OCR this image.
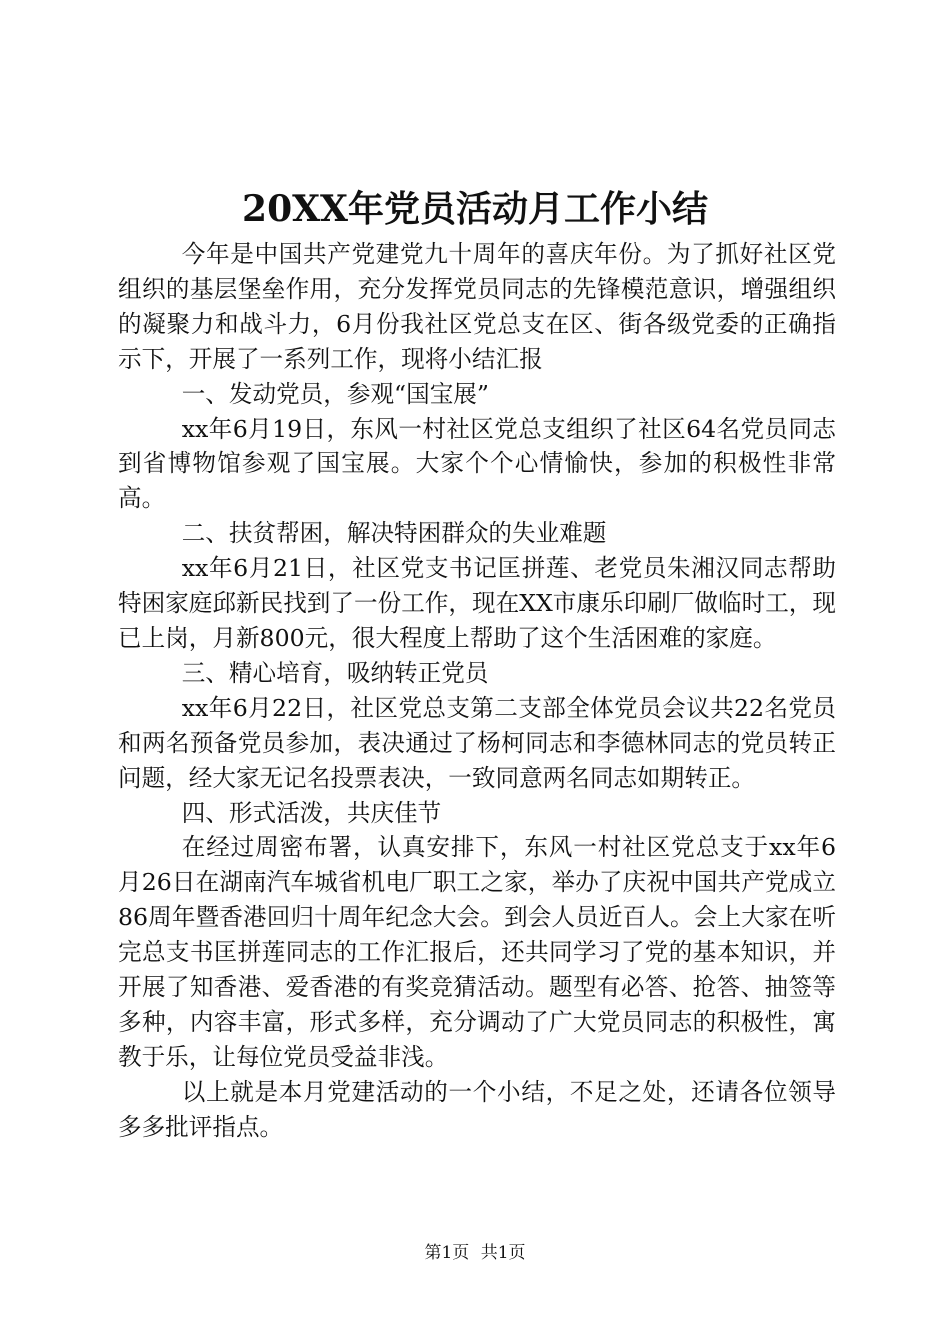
20XX年党员活动月工作小结

今年是中国共产党建党九十周年的喜庆年份。为了抓好社区党组织的基层堡垒作用，充分发挥党员同志的先锋模范意识，增强组织的凝聚力和战斗力，6月份我社区党总支在区、街各级党委的正确指示下，开展了一系列工作，现将小结汇报

一、发动党员，参观“国宝展”

xx年6月19日，东风一村社区党总支组织了社区64名党员同志到省博物馆参观了国宝展。大家个个心情愉快，参加的积极性非常高。

二、扶贫帮困，解决特困群众的失业难题

xx年6月21日，社区党支书记匡拼莲、老党员朱湘汉同志帮助特困家庭邱新民找到了一份工作，现在XX市康乐印刷厂做临时工，现已上岗，月新800元，很大程度上帮助了这个生活困难的家庭。

三、精心培育，吸纳转正党员

xx年6月22日，社区党总支第二支部全体党员会议共22名党员和两名预备党员参加，表决通过了杨柯同志和李德林同志的党员转正问题，经大家无记名投票表决，一致同意两名同志如期转正。

四、形式活泼，共庆佳节

在经过周密布署，认真安排下，东风一村社区党总支于xx年6月26日在湖南汽车城省机电厂职工之家，举办了庆祝中国共产党成立86周年暨香港回归十周年纪念大会。到会人员近百人。会上大家在听完总支书匡拼莲同志的工作汇报后，还共同学习了党的基本知识，并开展了知香港、爱香港的有奖竞猜活动。题型有必答、抢答、抽签等多种，内容丰富，形式多样，充分调动了广大党员同志的积极性，寓教于乐，让每位党员受益非浅。

以上就是本月党建活动的一个小结，不足之处，还请各位领导多多批评指点。

第1页 共1页
